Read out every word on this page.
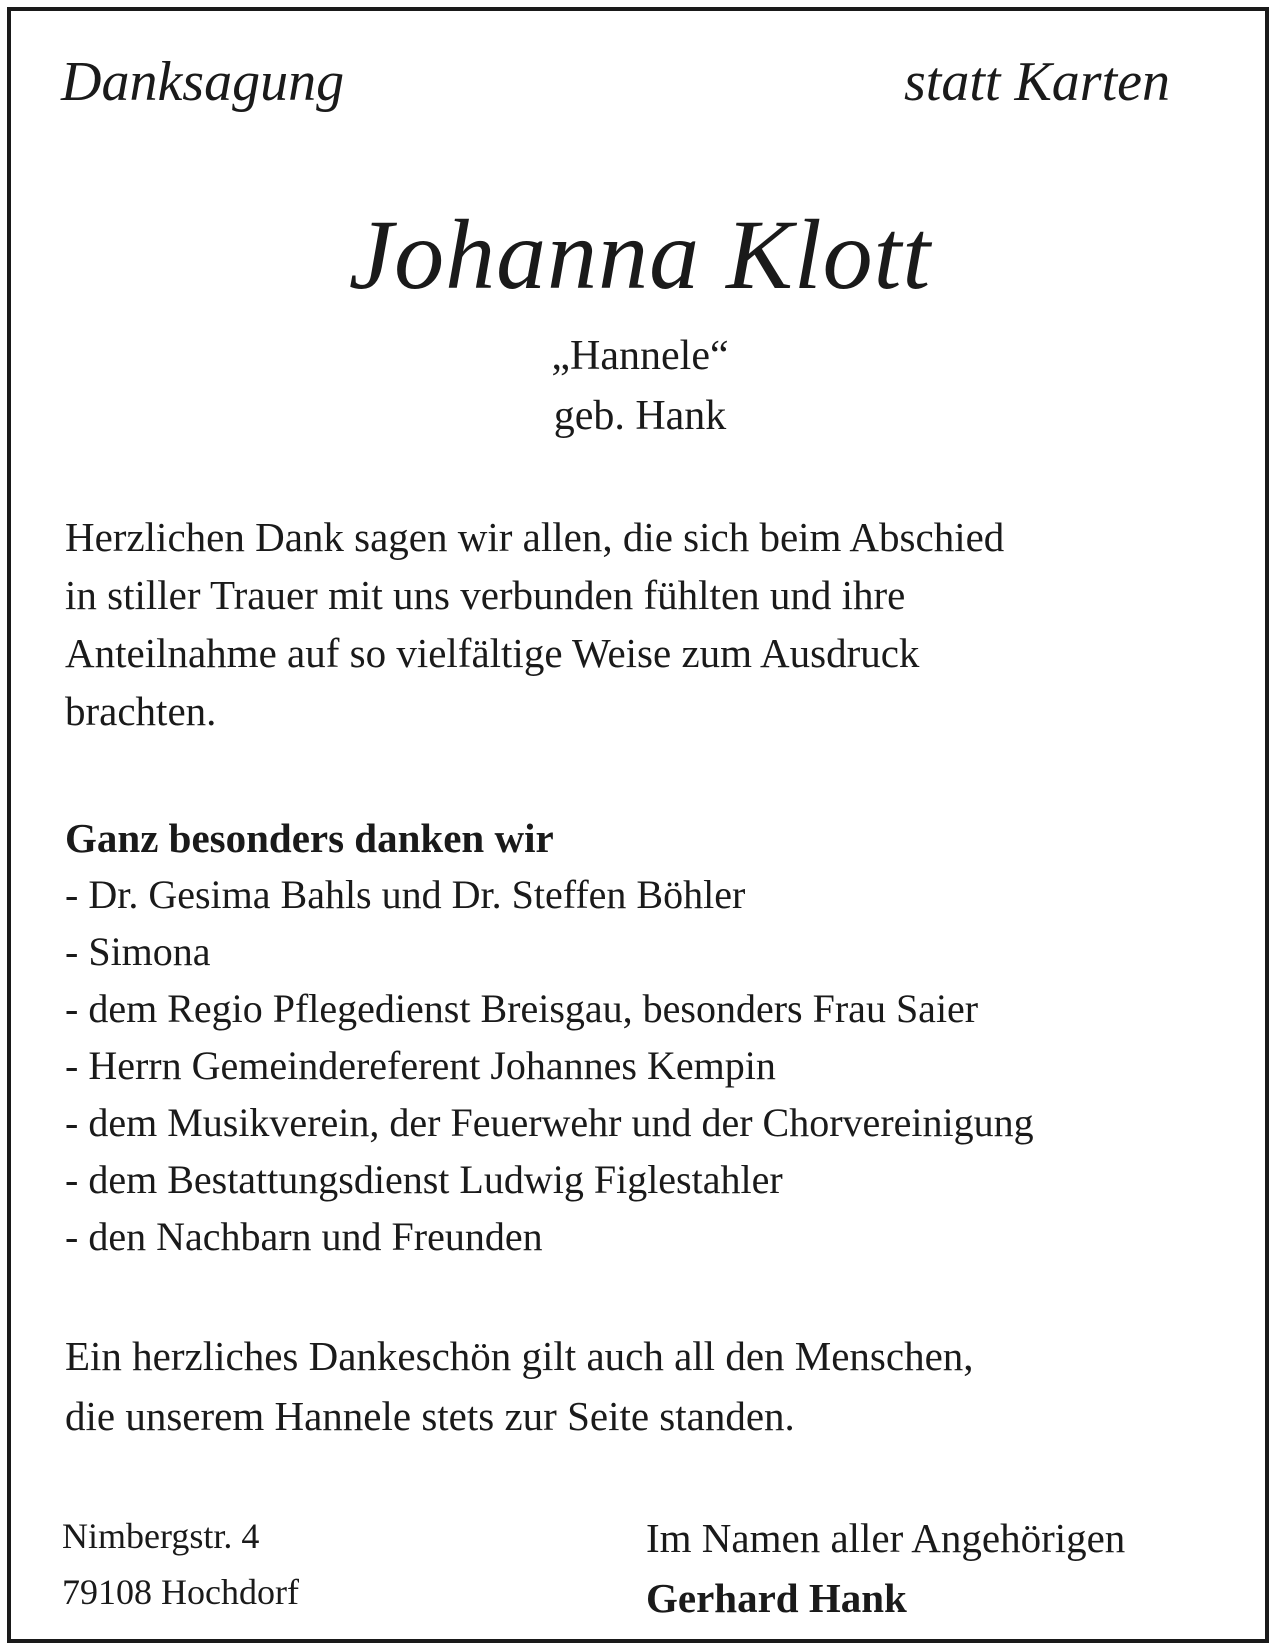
Danksagung	statt Karten
Johanna Klott
„Hannele“
geb. Hank
Herzlichen Dank sagen wir allen, die sich beim Abschied
in stiller Trauer mit uns verbunden fühlten und ihre
Anteilnahme auf so vielfältige Weise zum Ausdruck
brachten.
Ganz besonders danken wir
- Dr. Gesima Bahls und Dr. Steffen Böhler
- Simona
- dem Regio Pflegedienst Breisgau, besonders Frau Saier
- Herrn Gemeindereferent Johannes Kempin
- dem Musikverein, der Feuerwehr und der Chorvereinigung
- dem Bestattungsdienst Ludwig Figlestahler
- den Nachbarn und Freunden
Ein herzliches Dankeschön gilt auch all den Menschen,
die unserem Hannele stets zur Seite standen.
Nimbergstr. 4
79108 Hochdorf
Im Namen aller Angehörigen
Gerhard Hank
